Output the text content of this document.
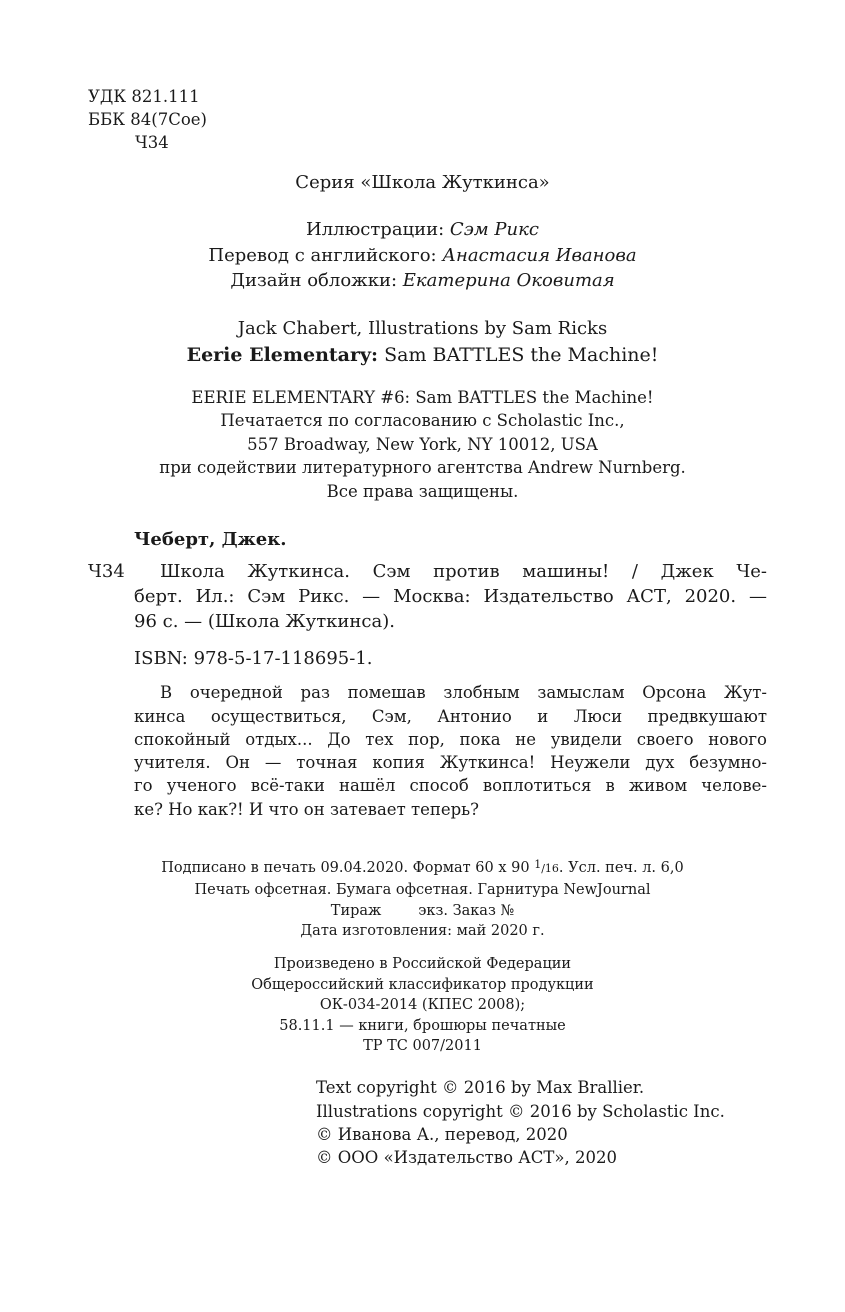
УДК 821.111
ББК 84(7Сое)
Ч34
Серия «Школа Жуткинса»
Иллюстрации: Сэм Рикс
Перевод с английского: Анастасия Иванова
Дизайн обложки: Екатерина Оковитая
Jack Chabert, Illustrations by Sam Ricks
Eerie Elementary: Sam BATTLES the Machine!
EERIE ELEMENTARY #6: Sam BATTLES the Machine!
Печатается по согласованию с Scholastic Inc.,
557 Broadway, New York, NY 10012, USA
при содействии литературного агентства Andrew Nurnberg.
Все права защищены.
Чеберт, Джек.
Ч34 Школа Жуткинса. Сэм против машины! / Джек Че-
берт. Ил.: Сэм Рикс. — Москва: Издательство АСТ, 2020. —
96 с. — (Школа Жуткинса).
ISBN: 978-5-17-118695-1.
В очередной раз помешав злобным замыслам Орсона Жут-
кинса осуществиться, Сэм, Антонио и Люси предвкушают
спокойный отдых... До тех пор, пока не увидели своего нового
учителя. Он — точная копия Жуткинса! Неужели дух безумно-
го ученого всё-таки нашёл способ воплотиться в живом челове-
ке? Но как?! И что он затевает теперь?
Подписано в печать 09.04.2020. Формат 60 х 90 $^1$/16. Усл. печ. л. 6,0
Печать офсетная. Бумага офсетная. Гарнитура NewJournal
Тираж        экз. Заказ №
Дата изготовления: май 2020 г.
Произведено в Российской Федерации
Общероссийский классификатор продукции
ОК-034-2014 (КПЕС 2008);
58.11.1 — книги, брошюры печатные
ТР ТС 007/2011
Text copyright © 2016 by Max Brallier.
Illustrations copyright © 2016 by Scholastic Inc.
© Иванова А., перевод, 2020
© ООО «Издательство АСТ», 2020
